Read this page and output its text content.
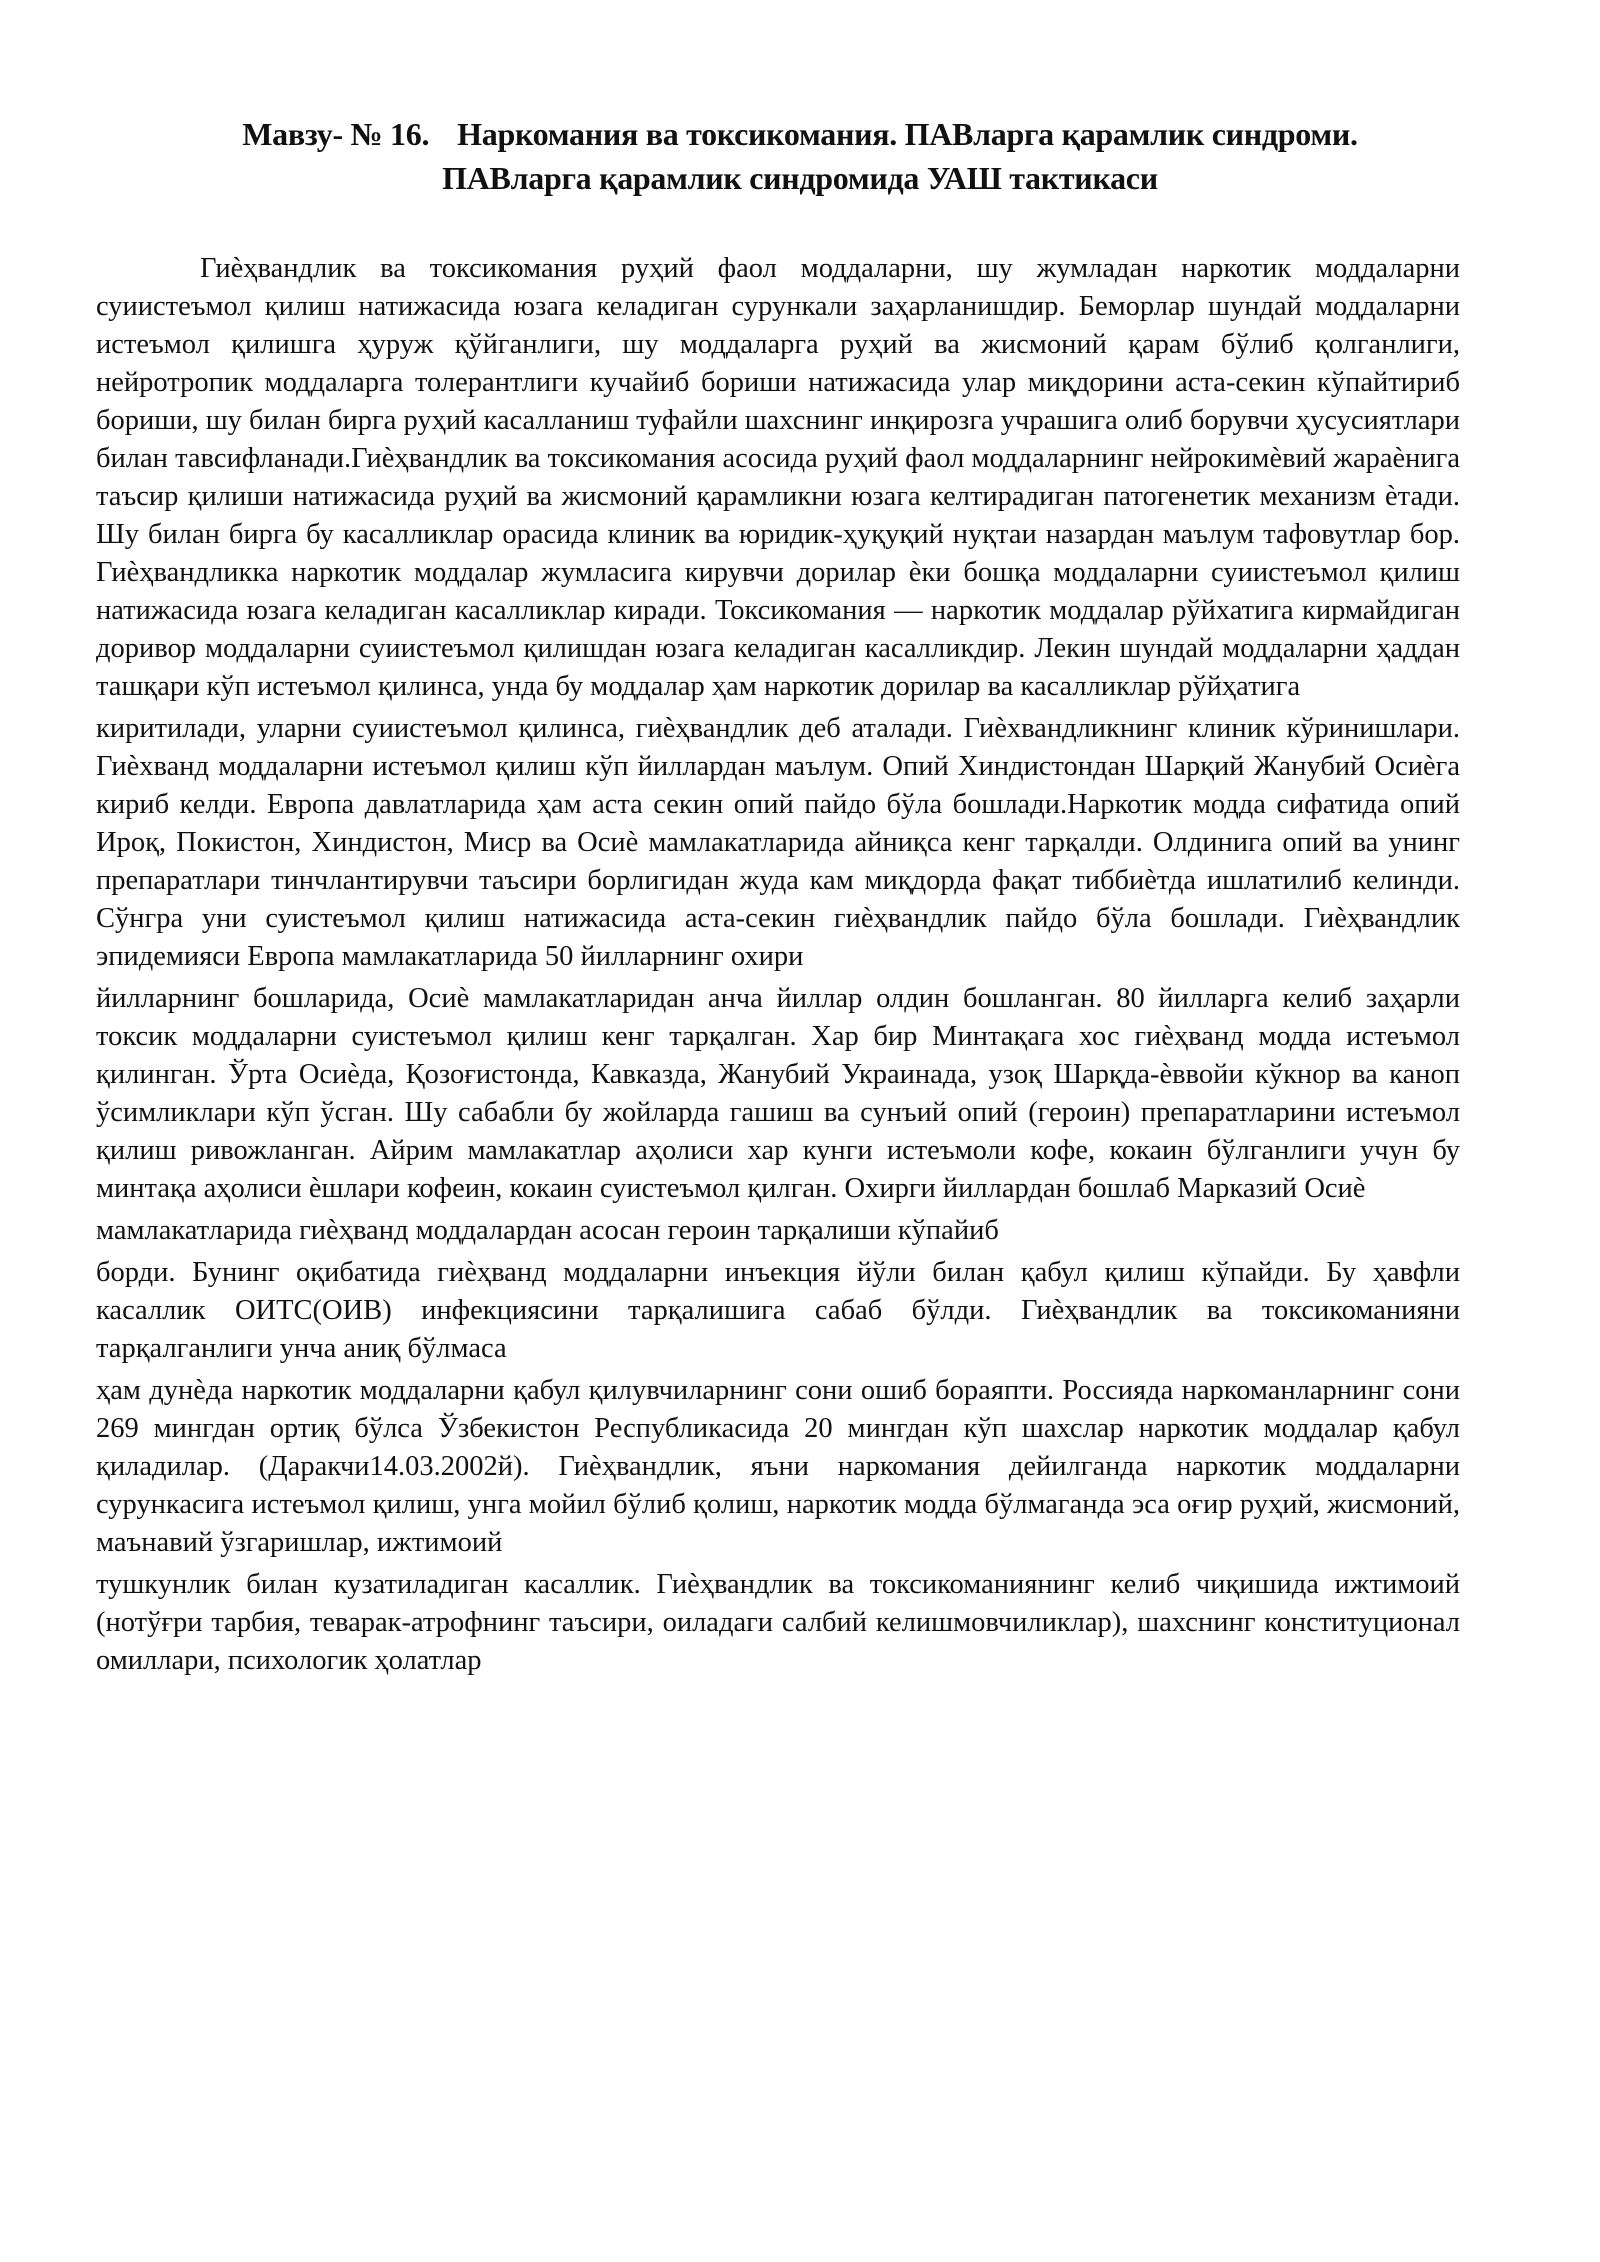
Мавзу- № 16. Наркомания ва токсикомания. ПАВларга қарамлик синдроми.
ПАВларга қарамлик синдромида УАШ тактикаси

Гиѐҳвандлик ва токсикомания руҳий фаол моддаларни, шу жумладан наркотик моддаларни суиистеъмол қилиш натижасида юзага келадиган сурункали заҳарланишдир. Беморлар шундай моддаларни истеъмол қилишга ҳуруж қўйганлиги, шу моддаларга руҳий ва жисмоний қарам бўлиб қолганлиги, нейротропик моддаларга толерантлиги кучайиб бориши натижасида улар миқдорини аста-секин кўпайтириб бориши, шу билан бирга руҳий касалланиш туфайли шахснинг инқирозга учрашига олиб борувчи ҳусусиятлари билан тавсифланади.Гиѐҳвандлик ва токсикомания асосида руҳий фаол моддаларнинг нейрокимѐвий жараѐнига таъсир қилиши натижасида руҳий ва жисмоний қарамликни юзага келтирадиган патогенетик механизм ѐтади. Шу билан бирга бу касалликлар орасида клиник ва юридик-ҳуқуқий нуқтаи назардан маълум тафовутлар бор. Гиѐҳвандликка наркотик моддалар жумласига кирувчи дорилар ѐки бошқа моддаларни суиистеъмол қилиш натижасида юзага келадиган касалликлар киради. Токсикомания — наркотик моддалар рўйхатига кирмайдиган доривор моддаларни суиистеъмол қилишдан юзага келадиган касалликдир. Лекин шундай моддаларни ҳаддан ташқари кўп истеъмол қилинса, унда бу моддалар ҳам наркотик дорилар ва касалликлар рўйҳатига

киритилади, уларни суиистеъмол қилинса, гиѐҳвандлик деб аталади. Гиѐхвандликнинг клиник кўринишлари. Гиѐхванд моддаларни истеъмол қилиш кўп йиллардан маълум. Опий Хиндистондан Шарқий Жанубий Осиѐга кириб келди. Европа давлатларида ҳам аста секин опий пайдо бўла бошлади.Наркотик модда сифатида опий Ироқ, Покистон, Хиндистон, Миср ва Осиѐ мамлакатларида айниқса кенг тарқалди. Олдинига опий ва унинг препаратлари тинчлантирувчи таъсири борлигидан жуда кам миқдорда фақат тиббиѐтда ишлатилиб келинди. Сўнгра уни суистеъмол қилиш натижасида аста-секин гиѐҳвандлик пайдо бўла бошлади. Гиѐҳвандлик эпидемияси Европа мамлакатларида 50 йилларнинг охири

йилларнинг бошларида, Осиѐ мамлакатларидан анча йиллар олдин бошланган. 80 йилларга келиб заҳарли токсик моддаларни суистеъмол қилиш кенг тарқалган. Хар бир Минтақага хос гиѐҳванд модда истеъмол қилинган. Ўрта Осиѐда, Қозоғистонда, Кавказда, Жанубий Украинада, узоқ Шарқда-ѐввойи кўкнор ва каноп ўсимликлари кўп ўсган. Шу сабабли бу жойларда гашиш ва сунъий опий (героин) препаратларини истеъмол қилиш ривожланган. Айрим мамлакатлар аҳолиси хар кунги истеъмоли кофе, кокаин бўлганлиги учун бу минтақа аҳолиси ѐшлари кофеин, кокаин суистеъмол қилган. Охирги йиллардан бошлаб Марказий Осиѐ

мамлакатларида гиѐҳванд моддалардан асосан героин тарқалиши кўпайиб

борди. Бунинг оқибатида гиѐҳванд моддаларни инъекция йўли билан қабул қилиш кўпайди. Бу ҳавфли касаллик ОИТС(ОИВ) инфекциясини тарқалишига сабаб бўлди. Гиѐҳвандлик ва токсикоманияни тарқалганлиги унча аниқ бўлмаса

ҳам дунѐда наркотик моддаларни қабул қилувчиларнинг сони ошиб бораяпти. Россияда наркоманларнинг сони 269 мингдан ортиқ бўлса Ўзбекистон Республикасида 20 мингдан кўп шахслар наркотик моддалар қабул қиладилар. (Даракчи14.03.2002й). Гиѐҳвандлик, яъни наркомания дейилганда наркотик моддаларни сурункасига истеъмол қилиш, унга мойил бўлиб қолиш, наркотик модда бўлмаганда эса оғир руҳий, жисмоний, маънавий ўзгаришлар, ижтимоий

тушкунлик билан кузатиладиган касаллик. Гиѐҳвандлик ва токсикоманиянинг келиб чиқишида ижтимоий (нотўғри тарбия, теварак-атрофнинг таъсири, оиладаги салбий келишмовчиликлар), шахснинг конституционал омиллари, психологик ҳолатлар
